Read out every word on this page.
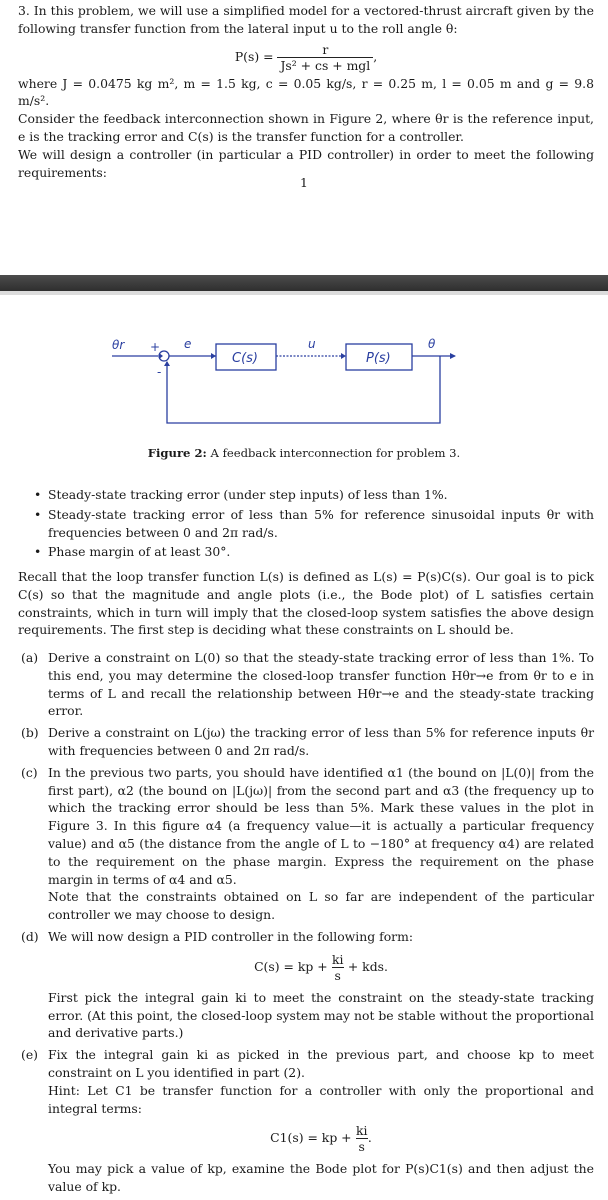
3. In this problem, we will use a simplified model for a vectored-thrust aircraft given by the following transfer function from the lateral input u to the roll angle θ:
$P(s) = \frac{r}{\text{Js² + cs + mgl}}$ ,
where J = 0.0475 kg m², m = 1.5 kg, c = 0.05 kg/s, r = 0.25 m, l = 0.05 m and g = 9.8 m/s².
Consider the feedback interconnection shown in Figure 2, where θr is the reference input, e is the tracking error and C(s) is the transfer function for a controller.
We will design a controller (in particular a PID controller) in order to meet the following requirements:
1
θr +
-
e
C(s)
u
P(s)
θ
Figure 2: A feedback interconnection for problem 3.
• Steady-state tracking error (under step inputs) of less than 1%.
• Steady-state tracking error of less than 5% for reference sinusoidal inputs θr with frequencies between 0 and 2π rad/s.
• Phase margin of at least 30°.
Recall that the loop transfer function L(s) is defined as L(s) = P(s)C(s). Our goal is to pick C(s) so that the magnitude and angle plots (i.e., the Bode plot) of L satisfies certain constraints, which in turn will imply that the closed-loop system satisfies the above design requirements. The first step is deciding what these constraints on L should be.
(a) Derive a constraint on L(0) so that the steady-state tracking error of less than 1%. To this end, you may determine the closed-loop transfer function Hθr→e from θr to e in terms of L and recall the relationship between Hθr→e and the steady-state tracking error.
(b) Derive a constraint on L(jω) the tracking error of less than 5% for reference inputs θr with frequencies between 0 and 2π rad/s.
(c) In the previous two parts, you should have identified α1 (the bound on |L(0)| from the first part), α2 (the bound on |L(jω)| from the second part and α3 (the frequency up to which the tracking error should be less than 5%. Mark these values in the plot in Figure 3. In this figure α4 (a frequency value—it is actually a particular frequency value) and α5 (the distance from the angle of L to −180° at frequency α4) are related to the requirement on the phase margin. Express the requirement on the phase margin in terms of α4 and α5.
Note that the constraints obtained on L so far are independent of the particular controller we may choose to design.
(d) We will now design a PID controller in the following form:
C(s) = kp + $\frac{ki}{s}$ + kds.
First pick the integral gain ki to meet the constraint on the steady-state tracking error. (At this point, the closed-loop system may not be stable without the proportional and derivative parts.)
(e) Fix the integral gain ki as picked in the previous part, and choose kp to meet constraint on L you identified in part (2).
Hint: Let C1 be transfer function for a controller with only the proportional and integral terms:
C1(s) = kp + $\frac{ki}{s}$ .
You may pick a value of kp, examine the Bode plot for P(s)C1(s) and then adjust the value of kp.
